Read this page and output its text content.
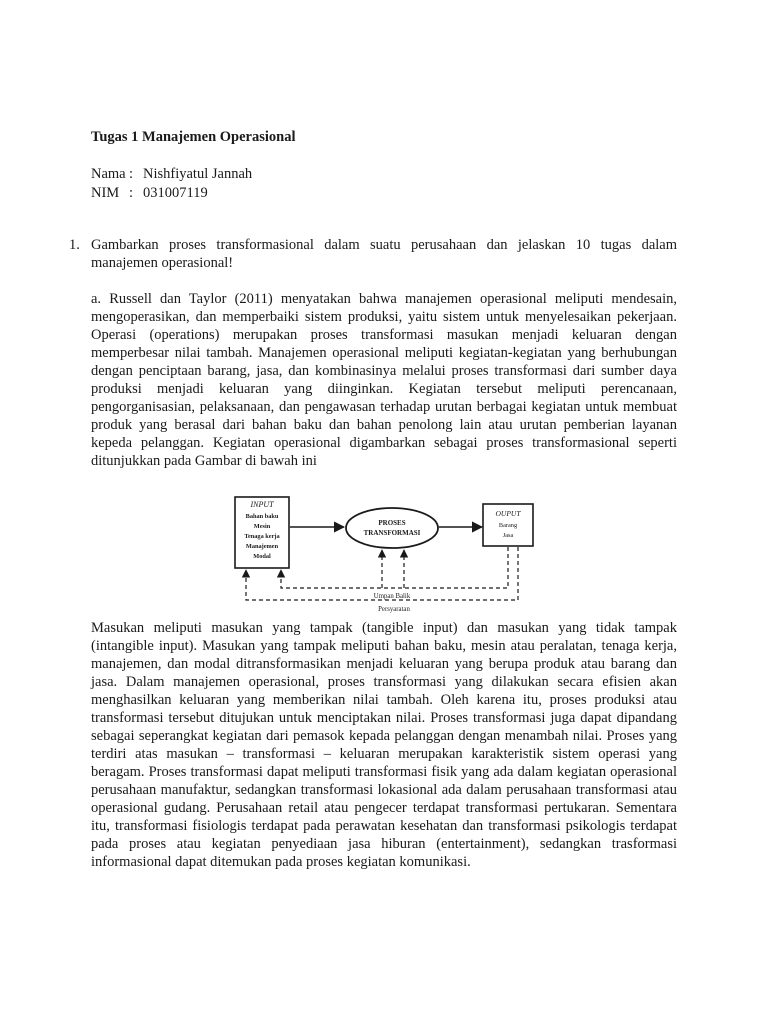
Tugas 1 Manajemen Operasional
Nama : Nishfiyatul Jannah
NIM : 031007119
1. Gambarkan proses transformasional dalam suatu perusahaan dan jelaskan 10 tugas dalam manajemen operasional!
a. Russell dan Taylor (2011) menyatakan bahwa manajemen operasional meliputi mendesain, mengoperasikan, dan memperbaiki sistem produksi, yaitu sistem untuk menyelesaikan pekerjaan. Operasi (operations) merupakan proses transformasi masukan menjadi keluaran dengan memperbesar nilai tambah. Manajemen operasional meliputi kegiatan-kegiatan yang berhubungan dengan penciptaan barang, jasa, dan kombinasinya melalui proses transformasi dari sumber daya produksi menjadi keluaran yang diinginkan. Kegiatan tersebut meliputi perencanaan, pengorganisasian, pelaksanaan, dan pengawasan terhadap urutan berbagai kegiatan untuk membuat produk yang berasal dari bahan baku dan bahan penolong lain atau urutan pemberian layanan kepeda pelanggan. Kegiatan operasional digambarkan sebagai proses transformasional seperti ditunjukkan pada Gambar di bawah ini
INPUT
Bahan baku
Mesin
Tenaga kerja
Manajemen
Modal
PROSES
TRANSFORMASI
OUPUT
Barang
Jasa
Umpan Balik
Persyaratan
Masukan meliputi masukan yang tampak (tangible input) dan masukan yang tidak tampak (intangible input). Masukan yang tampak meliputi bahan baku, mesin atau peralatan, tenaga kerja, manajemen, dan modal ditransformasikan menjadi keluaran yang berupa produk atau barang dan jasa. Dalam manajemen operasional, proses transformasi yang dilakukan secara efisien akan menghasilkan keluaran yang memberikan nilai tambah. Oleh karena itu, proses produksi atau transformasi tersebut ditujukan untuk menciptakan nilai. Proses transformasi juga dapat dipandang sebagai seperangkat kegiatan dari pemasok kepada pelanggan dengan menambah nilai. Proses yang terdiri atas masukan – transformasi – keluaran merupakan karakteristik sistem operasi yang beragam. Proses transformasi dapat meliputi transformasi fisik yang ada dalam kegiatan operasional perusahaan manufaktur, sedangkan transformasi lokasional ada dalam perusahaan transformasi atau operasional gudang. Perusahaan retail atau pengecer terdapat transformasi pertukaran. Sementara itu, transformasi fisiologis terdapat pada perawatan kesehatan dan transformasi psikologis terdapat pada proses atau kegiatan penyediaan jasa hiburan (entertainment), sedangkan trasformasi informasional dapat ditemukan pada proses kegiatan komunikasi.
